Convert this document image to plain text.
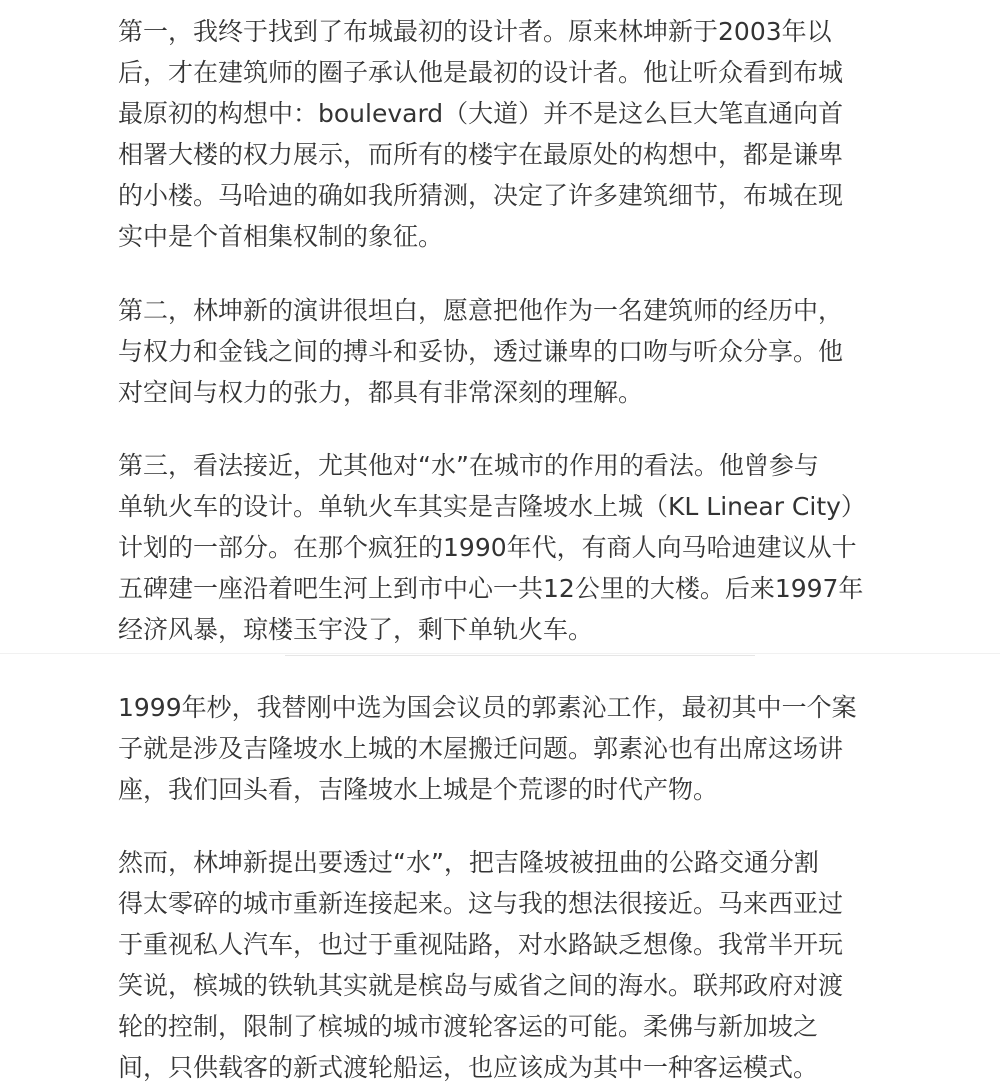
第一，我终于找到了布城最初的设计者。原来林坤新于2003年以
后，才在建筑师的圈子承认他是最初的设计者。他让听众看到布城
最原初的构想中：boulevard（大道）并不是这么巨大笔直通向首
相署大楼的权力展示，而所有的楼宇在最原处的构想中，都是谦卑
的小楼。马哈迪的确如我所猜测，决定了许多建筑细节，布城在现
实中是个首相集权制的象征。
第二，林坤新的演讲很坦白，愿意把他作为一名建筑师的经历中，
与权力和金钱之间的搏斗和妥协，透过谦卑的口吻与听众分享。他
对空间与权力的张力，都具有非常深刻的理解。
第三，看法接近，尤其他对“水”在城市的作用的看法。他曾参与
单轨火车的设计。单轨火车其实是吉隆坡水上城（KL Linear City）
计划的一部分。在那个疯狂的1990年代，有商人向马哈迪建议从十
五碑建一座沿着吧生河上到市中心一共12公里的大楼。后来1997年
经济风暴，琼楼玉宇没了，剩下单轨火车。
1999年杪，我替刚中选为国会议员的郭素沁工作，最初其中一个案
子就是涉及吉隆坡水上城的木屋搬迁问题。郭素沁也有出席这场讲
座，我们回头看，吉隆坡水上城是个荒谬的时代产物。
然而，林坤新提出要透过“水”，把吉隆坡被扭曲的公路交通分割
得太零碎的城市重新连接起来。这与我的想法很接近。马来西亚过
于重视私人汽车，也过于重视陆路，对水路缺乏想像。我常半开玩
笑说，槟城的铁轨其实就是槟岛与威省之间的海水。联邦政府对渡
轮的控制，限制了槟城的城市渡轮客运的可能。柔佛与新加坡之
间，只供载客的新式渡轮船运，也应该成为其中一种客运模式。
